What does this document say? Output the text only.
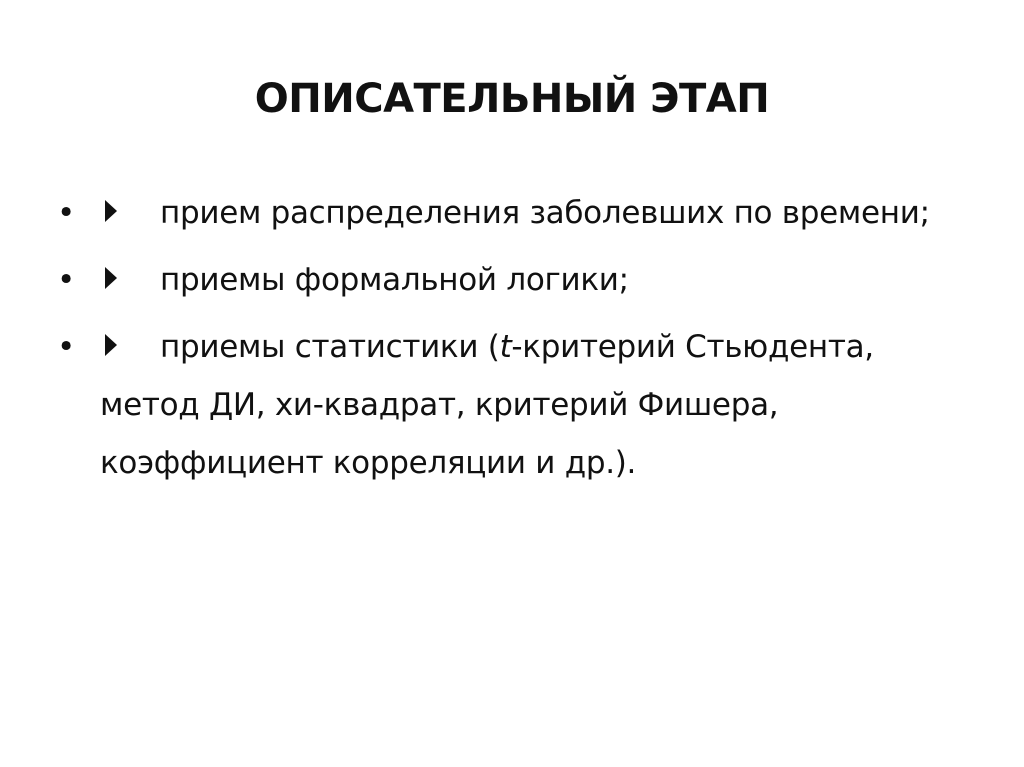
ОПИСАТЕЛЬНЫЙ ЭТАП
•	прием распределения заболевших по времени;
•	приемы формальной логики;
•	приемы статистики (t-критерий Стьюдента, метод ДИ, хи-квадрат, критерий Фишера, коэффициент корреляции и др.).
